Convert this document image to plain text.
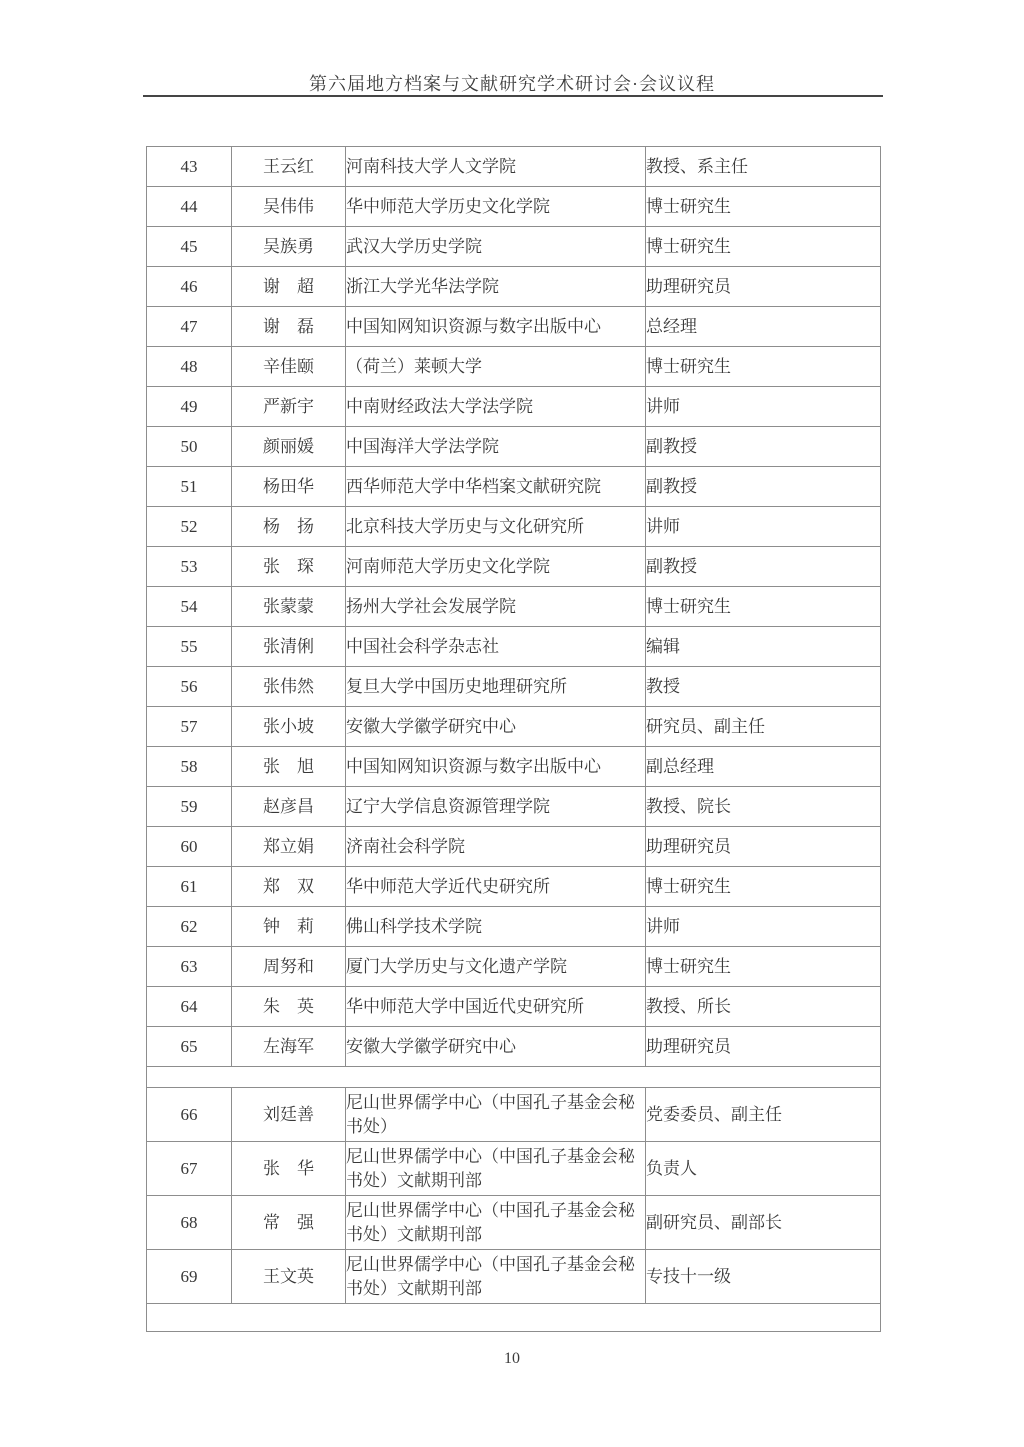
第六届地方档案与文献研究学术研讨会·会议议程
43	王云红	河南科技大学人文学院	教授、系主任
44	吴伟伟	华中师范大学历史文化学院	博士研究生
45	吴族勇	武汉大学历史学院	博士研究生
46	谢　超	浙江大学光华法学院	助理研究员
47	谢　磊	中国知网知识资源与数字出版中心	总经理
48	辛佳颐	（荷兰）莱顿大学	博士研究生
49	严新宇	中南财经政法大学法学院	讲师
50	颜丽媛	中国海洋大学法学院	副教授
51	杨田华	西华师范大学中华档案文献研究院	副教授
52	杨　扬	北京科技大学历史与文化研究所	讲师
53	张　琛	河南师范大学历史文化学院	副教授
54	张蒙蒙	扬州大学社会发展学院	博士研究生
55	张清俐	中国社会科学杂志社	编辑
56	张伟然	复旦大学中国历史地理研究所	教授
57	张小坡	安徽大学徽学研究中心	研究员、副主任
58	张　旭	中国知网知识资源与数字出版中心	副总经理
59	赵彦昌	辽宁大学信息资源管理学院	教授、院长
60	郑立娟	济南社会科学院	助理研究员
61	郑　双	华中师范大学近代史研究所	博士研究生
62	钟　莉	佛山科学技术学院	讲师
63	周努和	厦门大学历史与文化遗产学院	博士研究生
64	朱　英	华中师范大学中国近代史研究所	教授、所长
65	左海军	安徽大学徽学研究中心	助理研究员

66	刘廷善	尼山世界儒学中心（中国孔子基金会秘书处）	党委委员、副主任
67	张　华	尼山世界儒学中心（中国孔子基金会秘书处）文献期刊部	负责人
68	常　强	尼山世界儒学中心（中国孔子基金会秘书处）文献期刊部	副研究员、副部长
69	王文英	尼山世界儒学中心（中国孔子基金会秘书处）文献期刊部	专技十一级

10
